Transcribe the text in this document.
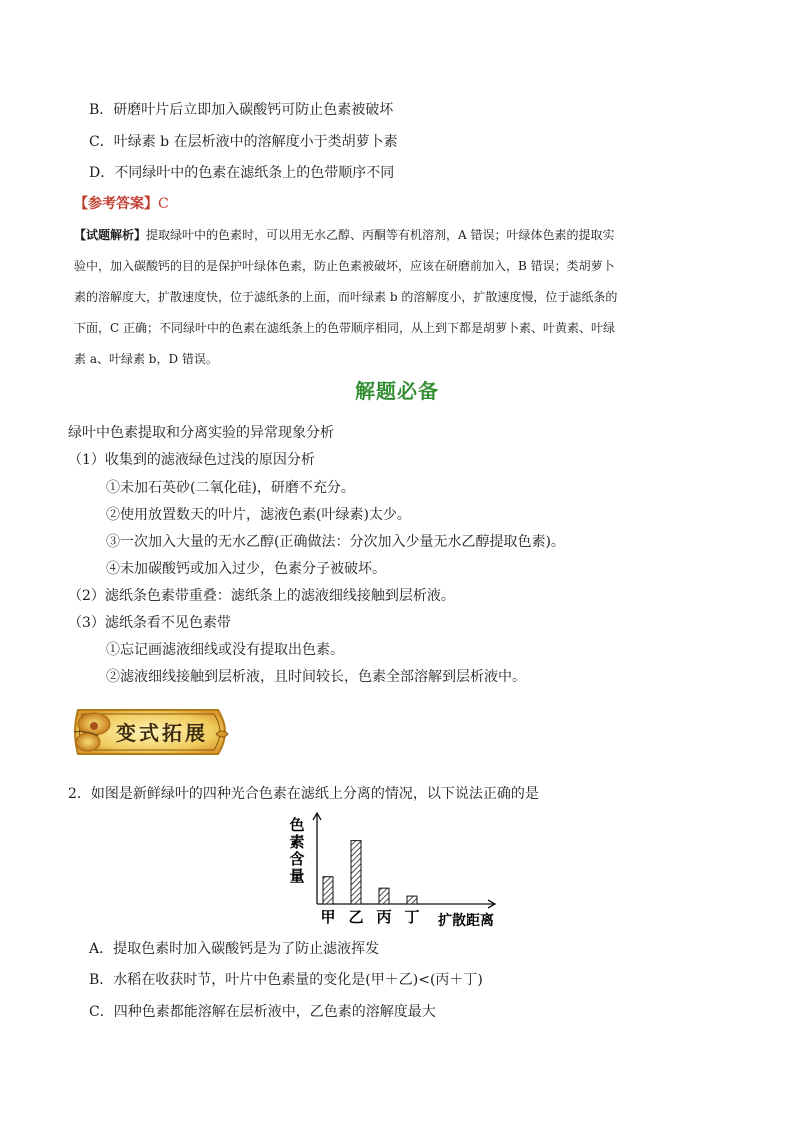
B．研磨叶片后立即加入碳酸钙可防止色素被破坏
C．叶绿素 b 在层析液中的溶解度小于类胡萝卜素
D．不同绿叶中的色素在滤纸条上的色带顺序不同
【参考答案】C
【试题解析】提取绿叶中的色素时，可以用无水乙醇、丙酮等有机溶剂，A 错误；叶绿体色素的提取实
验中，加入碳酸钙的目的是保护叶绿体色素，防止色素被破坏，应该在研磨前加入，B 错误；类胡萝卜
素的溶解度大，扩散速度快，位于滤纸条的上面，而叶绿素 b 的溶解度小，扩散速度慢，位于滤纸条的
下面，C 正确；不同绿叶中的色素在滤纸条上的色带顺序相同，从上到下都是胡萝卜素、叶黄素、叶绿
素 a、叶绿素 b，D 错误。
解题必备
绿叶中色素提取和分离实验的异常现象分析
（1）收集到的滤液绿色过浅的原因分析
①未加石英砂(二氧化硅)，研磨不充分。
②使用放置数天的叶片，滤液色素(叶绿素)太少。
③一次加入大量的无水乙醇(正确做法：分次加入少量无水乙醇提取色素)。
④未加碳酸钙或加入过少，色素分子被破坏。
（2）滤纸条色素带重叠：滤纸条上的滤液细线接触到层析液。
（3）滤纸条看不见色素带
①忘记画滤液细线或没有提取出色素。
②滤液细线接触到层析液，且时间较长，色素全部溶解到层析液中。
变式拓展
2．如图是新鲜绿叶的四种光合色素在滤纸上分离的情况，以下说法正确的是
色
素
含
量
甲 乙 丙 丁 扩散距离
A．提取色素时加入碳酸钙是为了防止滤液挥发
B．水稻在收获时节，叶片中色素量的变化是(甲＋乙)<(丙＋丁)
C．四种色素都能溶解在层析液中，乙色素的溶解度最大
